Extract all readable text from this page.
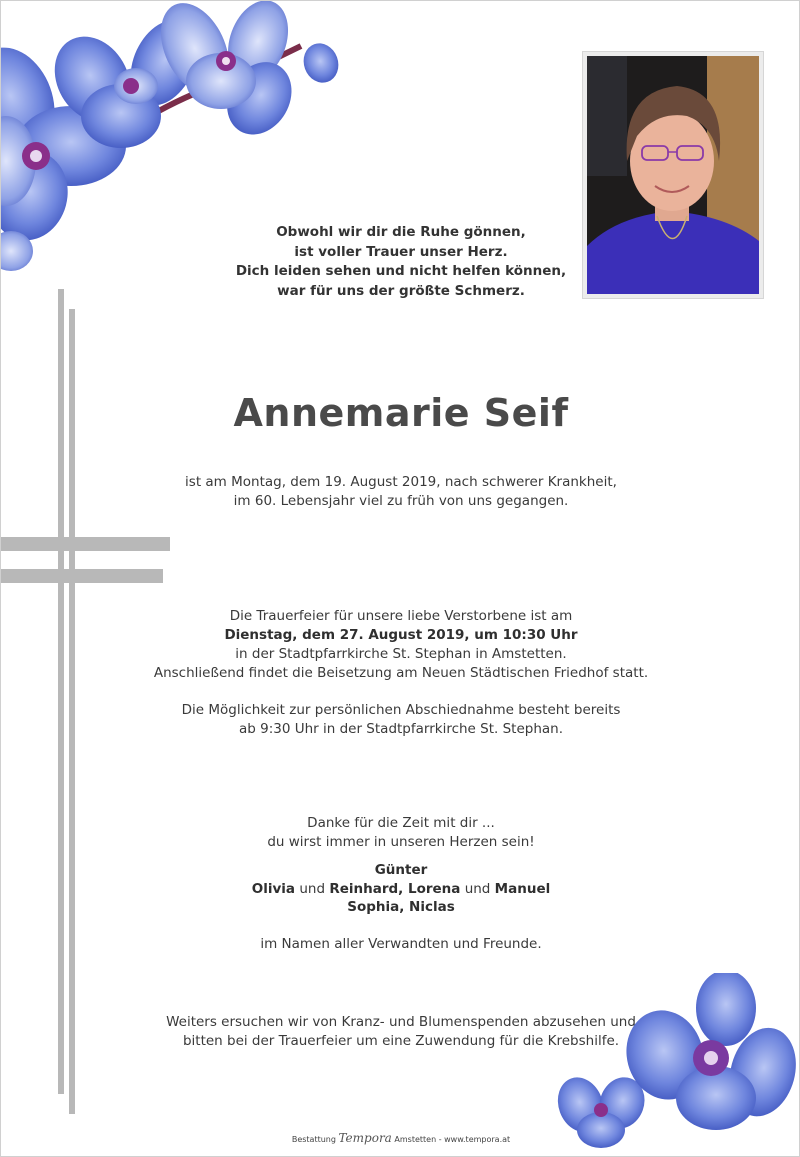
Obwohl wir dir die Ruhe gönnen,
ist voller Trauer unser Herz.
Dich leiden sehen und nicht helfen können,
war für uns der größte Schmerz.
Annemarie Seif
ist am Montag, dem 19. August 2019, nach schwerer Krankheit,
im 60. Lebensjahr viel zu früh von uns gegangen.
Die Trauerfeier für unsere liebe Verstorbene ist am
Dienstag, dem 27. August 2019, um 10:30 Uhr
in der Stadtpfarrkirche St. Stephan in Amstetten.
Anschließend findet die Beisetzung am Neuen Städtischen Friedhof statt.
Die Möglichkeit zur persönlichen Abschiednahme besteht bereits
ab 9:30 Uhr in der Stadtpfarrkirche St. Stephan.
Danke für die Zeit mit dir ...
du wirst immer in unseren Herzen sein!
Günter
Olivia und Reinhard, Lorena und Manuel
Sophia, Niclas
im Namen aller Verwandten und Freunde.
Weiters ersuchen wir von Kranz- und Blumenspenden abzusehen und
bitten bei der Trauerfeier um eine Zuwendung für die Krebshilfe.
Bestattung Tempora Amstetten - www.tempora.at
